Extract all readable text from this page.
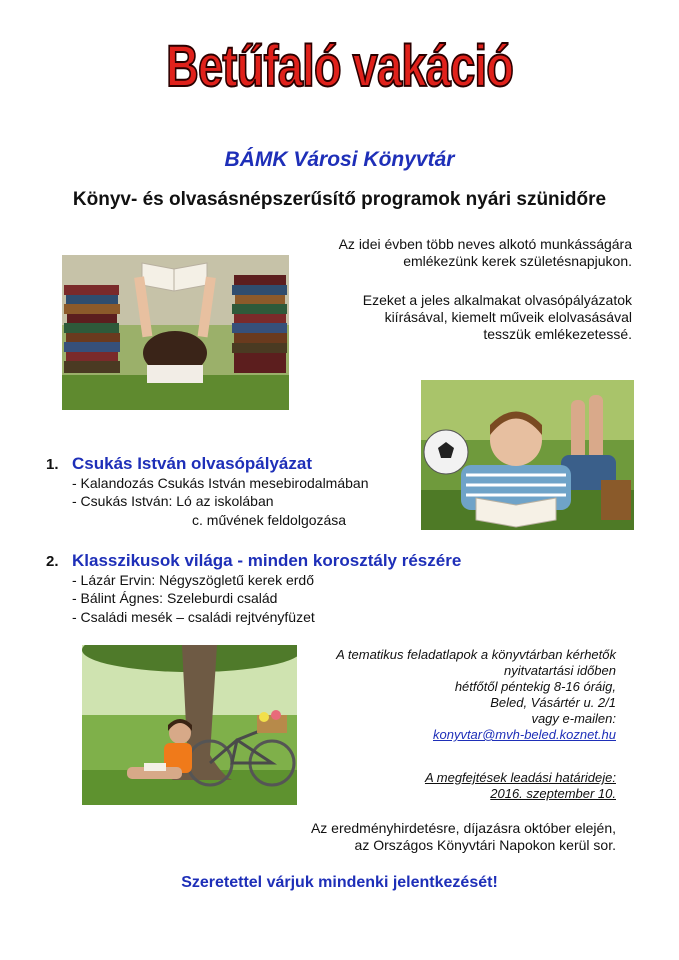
Betűfaló vakáció
BÁMK Városi Könyvtár
Könyv- és olvasásnépszerűsítő programok nyári szünidőre
Az idei évben több neves alkotó munkásságára
emlékezünk kerek születésnapjukon.
Ezeket a jeles alkalmakat olvasópályázatok
kiírásával, kiemelt műveik elolvasásával
tesszük emlékezetessé.
1. Csukás István olvasópályázat
- Kalandozás Csukás István mesebirodalmában
- Csukás István: Ló az iskolában
c. művének feldolgozása
2. Klasszikusok világa - minden korosztály részére
- Lázár Ervin: Négyszögletű kerek erdő
- Bálint Ágnes: Szeleburdi család
- Családi mesék – családi rejtvényfüzet
A tematikus feladatlapok a könyvtárban kérhetők
nyitvatartási időben
hétfőtől péntekig 8-16 óráig,
Beled, Vásártér u. 2/1
vagy e-mailen:
konyvtar@mvh-beled.koznet.hu
A megfejtések leadási határideje:
2016. szeptember 10.
Az eredményhirdetésre, díjazásra október elején,
az Országos Könyvtári Napokon kerül sor.
Szeretettel várjuk mindenki jelentkezését!
